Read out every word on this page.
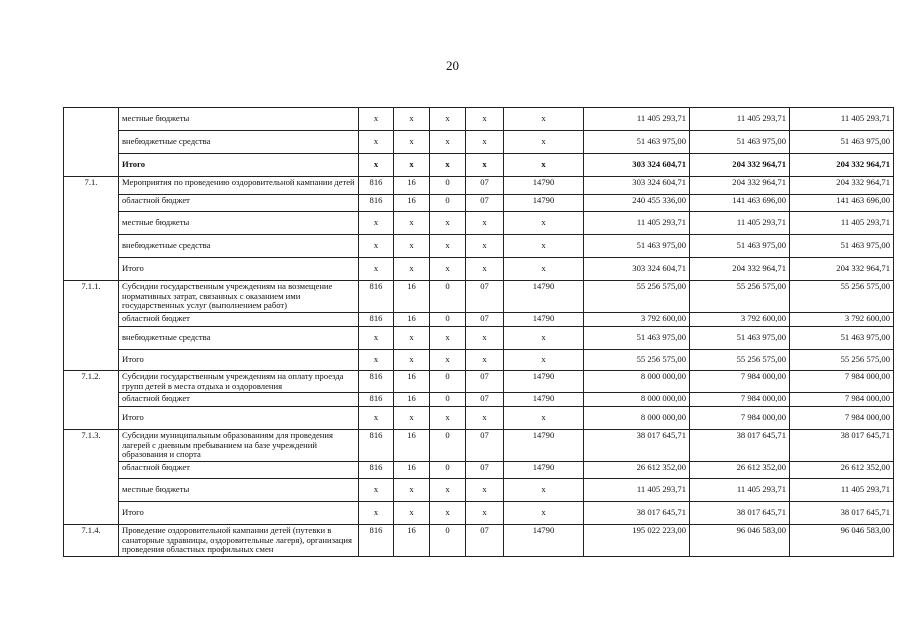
20
	местные бюджеты	x	x	x	x	x	11 405 293,71	11 405 293,71	11 405 293,71
	внебюджетные средства	x	x	x	x	x	51 463 975,00	51 463 975,00	51 463 975,00
	Итого	x	x	x	x	x	303 324 604,71	204 332 964,71	204 332 964,71
7.1.	Мероприятия по проведению оздоровительной кампании детей	816	16	0	07	14790	303 324 604,71	204 332 964,71	204 332 964,71
	областной бюджет	816	16	0	07	14790	240 455 336,00	141 463 696,00	141 463 696,00
	местные бюджеты	x	x	x	x	x	11 405 293,71	11 405 293,71	11 405 293,71
	внебюджетные средства	x	x	x	x	x	51 463 975,00	51 463 975,00	51 463 975,00
	Итого	x	x	x	x	x	303 324 604,71	204 332 964,71	204 332 964,71
7.1.1.	Субсидии государственным учреждениям на возмещение нормативных затрат, связанных с оказанием ими государственных услуг (выполнением работ)	816	16	0	07	14790	55 256 575,00	55 256 575,00	55 256 575,00
	областной бюджет	816	16	0	07	14790	3 792 600,00	3 792 600,00	3 792 600,00
	внебюджетные средства	x	x	x	x	x	51 463 975,00	51 463 975,00	51 463 975,00
	Итого	x	x	x	x	x	55 256 575,00	55 256 575,00	55 256 575,00
7.1.2.	Субсидии государственным учреждениям на оплату проезда групп детей в места отдыха и оздоровления	816	16	0	07	14790	8 000 000,00	7 984 000,00	7 984 000,00
	областной бюджет	816	16	0	07	14790	8 000 000,00	7 984 000,00	7 984 000,00
	Итого	x	x	x	x	x	8 000 000,00	7 984 000,00	7 984 000,00
7.1.3.	Субсидии муниципальным образованиям для проведения лагерей с дневным пребыванием на базе учреждений образования и спорта	816	16	0	07	14790	38 017 645,71	38 017 645,71	38 017 645,71
	областной бюджет	816	16	0	07	14790	26 612 352,00	26 612 352,00	26 612 352,00
	местные бюджеты	x	x	x	x	x	11 405 293,71	11 405 293,71	11 405 293,71
	Итого	x	x	x	x	x	38 017 645,71	38 017 645,71	38 017 645,71
7.1.4.	Проведение оздоровительной кампании детей (путевки в санаторные здравницы, оздоровительные лагеря), организация проведения областных профильных смен	816	16	0	07	14790	195 022 223,00	96 046 583,00	96 046 583,00
